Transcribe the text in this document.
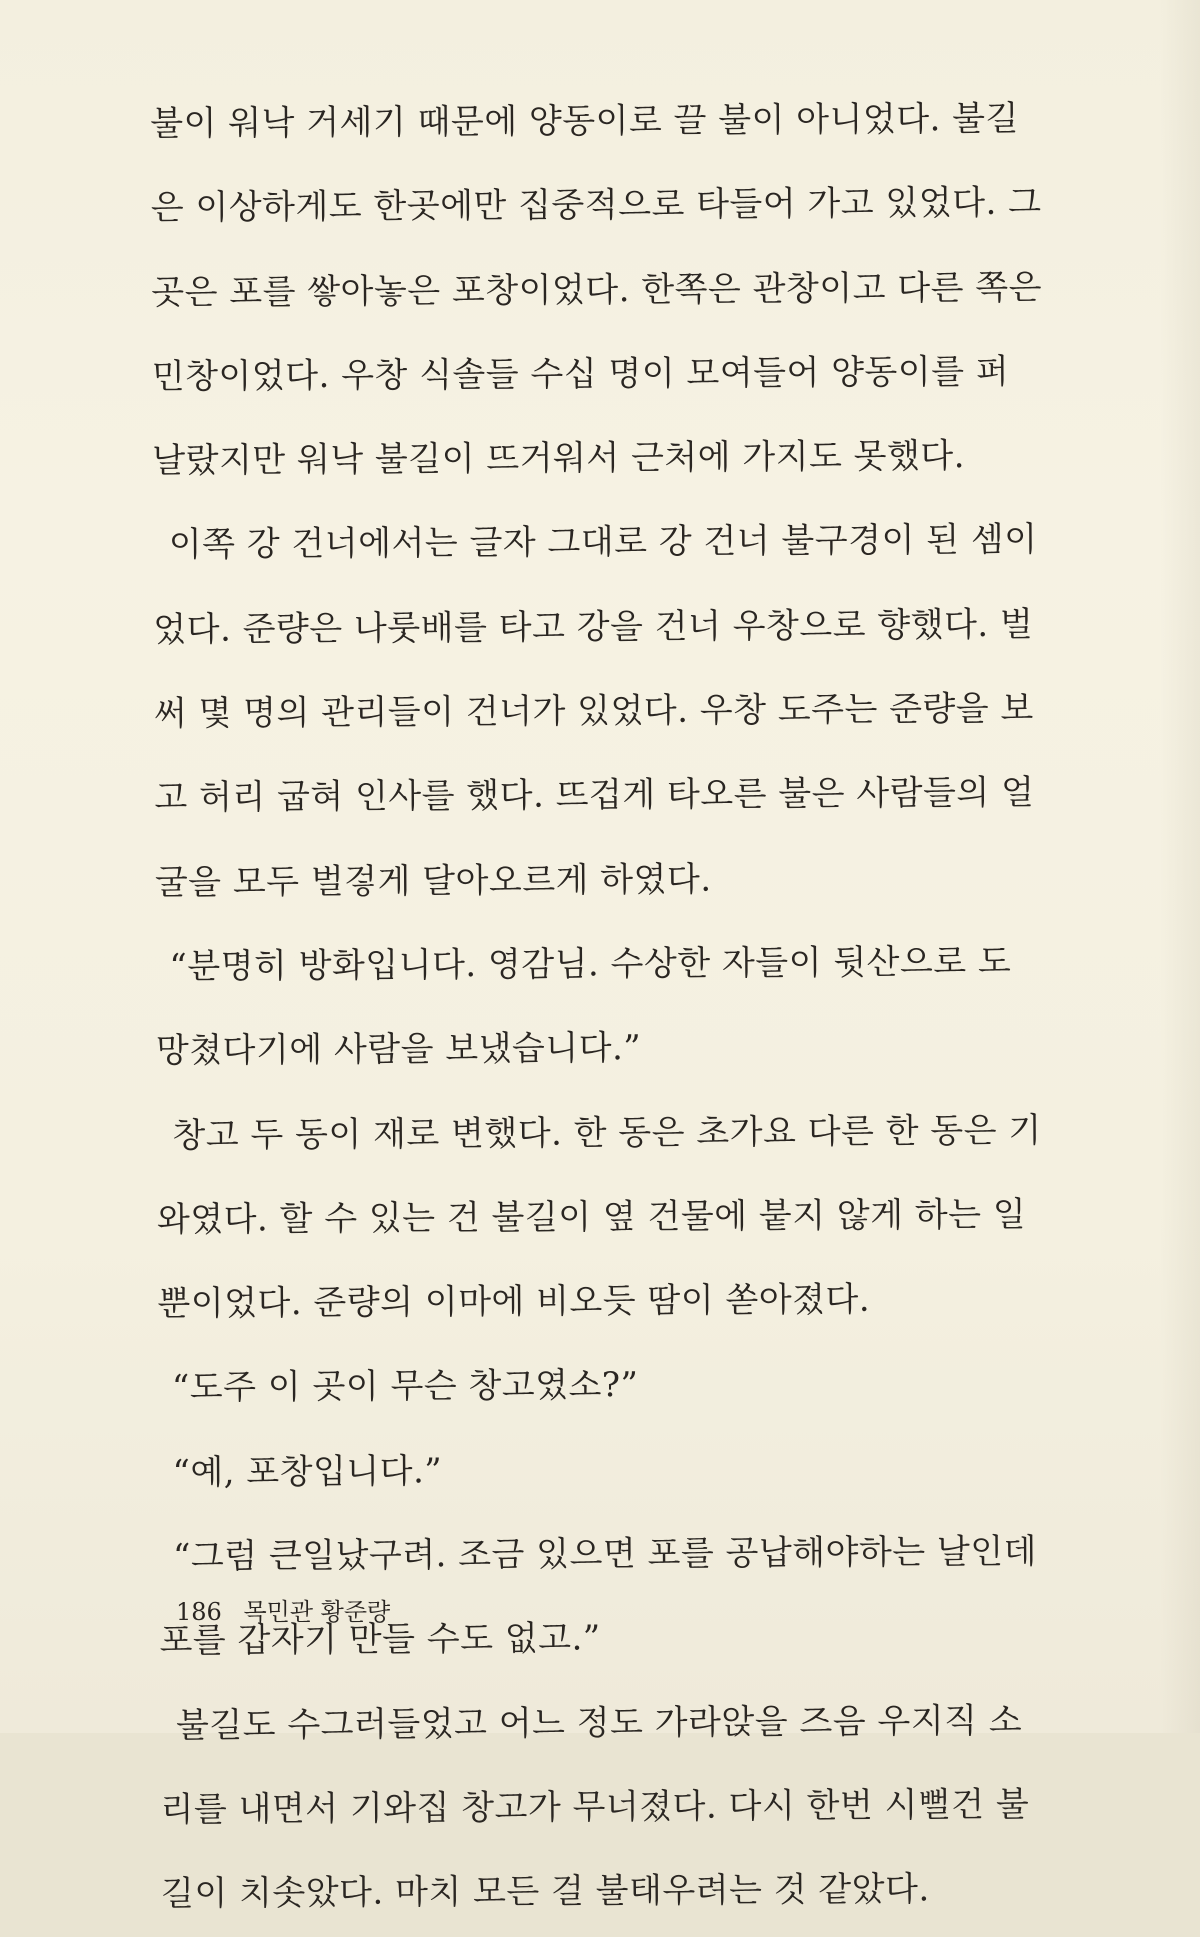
불이 워낙 거세기 때문에 양동이로 끌 불이 아니었다. 불길
은 이상하게도 한곳에만 집중적으로 타들어 가고 있었다. 그
곳은 포를 쌓아놓은 포창이었다. 한쪽은 관창이고 다른 쪽은
민창이었다. 우창 식솔들 수십 명이 모여들어 양동이를 퍼
날랐지만 워낙 불길이 뜨거워서 근처에 가지도 못했다.
이쪽 강 건너에서는 글자 그대로 강 건너 불구경이 된 셈이
었다. 준량은 나룻배를 타고 강을 건너 우창으로 향했다. 벌
써 몇 명의 관리들이 건너가 있었다. 우창 도주는 준량을 보
고 허리 굽혀 인사를 했다. 뜨겁게 타오른 불은 사람들의 얼
굴을 모두 벌겋게 달아오르게 하였다.
“분명히 방화입니다. 영감님. 수상한 자들이 뒷산으로 도
망쳤다기에 사람을 보냈습니다.”
창고 두 동이 재로 변했다. 한 동은 초가요 다른 한 동은 기
와였다. 할 수 있는 건 불길이 옆 건물에 붙지 않게 하는 일
뿐이었다. 준량의 이마에 비오듯 땀이 쏟아졌다.
“도주 이 곳이 무슨 창고였소?”
“예, 포창입니다.”
“그럼 큰일났구려. 조금 있으면 포를 공납해야하는 날인데
포를 갑자기 만들 수도 없고.”
불길도 수그러들었고 어느 정도 가라앉을 즈음 우지직 소
리를 내면서 기와집 창고가 무너졌다. 다시 한번 시뻘건 불
길이 치솟았다. 마치 모든 걸 불태우려는 것 같았다.
186 목민관 황준량
